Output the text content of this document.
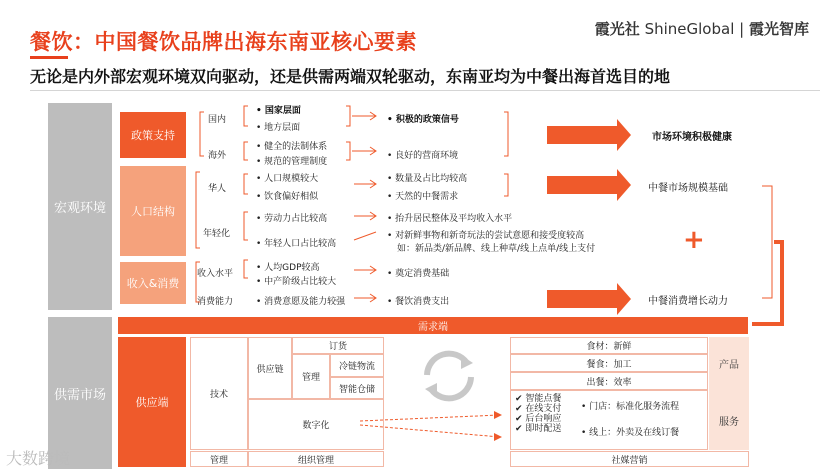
餐饮：中国餐饮品牌出海东南亚核心要素
霞光社 ShineGlobal | 霞光智库
无论是内外部宏观环境双向驱动，还是供需两端双轮驱动，东南亚均为中餐出海首选目的地
宏观环境
政策支持
人口结构
收入&消费
国内
• 国家层面
• 地方层面
海外
• 健全的法制体系
• 规范的管理制度
• 积极的政策信号
• 良好的营商环境
华人
• 人口规模较大
• 饮食偏好相似
• 数量及占比均较高
• 天然的中餐需求
年轻化
• 劳动力占比较高
• 年轻人口占比较高
• 抬升居民整体及平均收入水平
• 对新鲜事物和新奇玩法的尝试意愿和接受度较高
如：新品类/新品牌、线上种草/线上点单/线上支付
收入水平
• 人均GDP较高
• 中产阶级占比较大
消费能力	• 消费意愿及能力较强
• 奠定消费基础
• 餐饮消费支出
市场环境积极健康
中餐市场规模基础
+
中餐消费增长动力
供需市场
需求端
供应端
技术
管理
供应链
订货
管理
冷链物流
智能仓储
数字化
组织管理
食材：新鲜
餐食：加工
出餐：效率
产品
✔ 智能点餐
✔ 在线支付
✔ 后台响应
✔ 即时配送
• 门店：标准化服务流程
• 线上：外卖及在线订餐
服务
社媒营销
大数跨境
